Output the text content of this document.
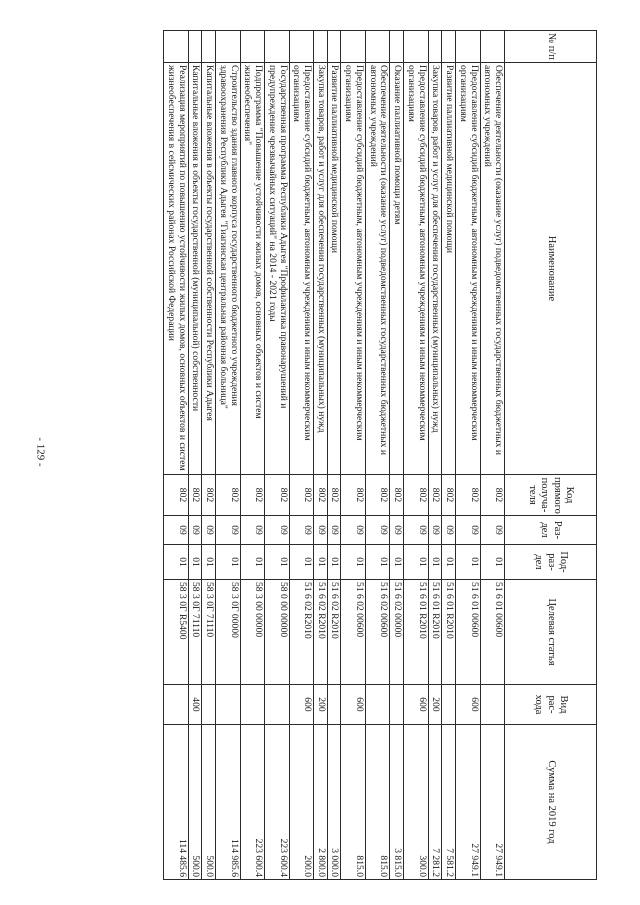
- 129 -
№ п/п	Наименование	Код прямого получа-теля	Раз-дел	Под-раз-дел	Целевая статья	Вид рас-хода	Сумма на 2019 год
	Обеспечение деятельности (оказание услуг) подведомственных государственных бюджетных и автономных учреждений	802	09	01	51 6 01 00600		27 949.1
	Предоставление субсидий бюджетным, автономным учреждениям и иным некоммерческим организациям	802	09	01	51 6 01 00600	600	27 949.1
	Развитие паллиативной медицинской помощи	802	09	01	51 6 01 R2010		7 581.2
	Закупка товаров, работ и услуг для обеспечения государственных (муниципальных) нужд	802	09	01	51 6 01 R2010	200	7 281.2
	Предоставление субсидий бюджетным, автономным учреждениям и иным некоммерческим организациям	802	09	01	51 6 01 R2010	600	300.0
	Оказание паллиативной помощи детям	802	09	01	51 6 02 00000		3 815.0
	Обеспечение деятельности (оказание услуг) подведомственных государственных бюджетных и автономных учреждений	802	09	01	51 6 02 00600		815.0
	Предоставление субсидий бюджетным, автономным учреждениям и иным некоммерческим организациям	802	09	01	51 6 02 00600	600	815.0
	Развитие паллиативной медицинской помощи	802	09	01	51 6 02 R2010		3 000.0
	Закупка товаров, работ и услуг для обеспечения государственных (муниципальных) нужд	802	09	01	51 6 02 R2010	200	2 800.0
	Предоставление субсидий бюджетным, автономным учреждениям и иным некоммерческим организациям	802	09	01	51 6 02 R2010	600	200.0
	Государственная программа Республики Адыгея "Профилактика правонарушений и предупреждение чрезвычайных ситуаций" на 2014 - 2021 годы	802	09	01	58 0 00 00000		223 600.4
	Подпрограмма "Повышение устойчивости жилых домов, основных объектов и систем жизнеобеспечения"	802	09	01	58 3 00 00000		223 600.4
	Строительство здания главного корпуса государственного бюджетного учреждения здравоохранения Республики Адыгея "Гиагинская центральная районная больница"	802	09	01	58 3 0Г 00000		114 985.6
	Капитальные вложения в объекты государственной собственности Республики Адыгея	802	09	01	58 3 0Г 71110		500.0
	Капитальные вложения в объекты государственной (муниципальной) собственности	802	09	01	58 3 0Г 71110	400	500.0
	Реализация мероприятий по повышению устойчивости жилых домов, основных объектов и систем жизнеобеспечения в сейсмических районах Российской Федерации	802	09	01	58 3 0Г R5400		114 485.6
